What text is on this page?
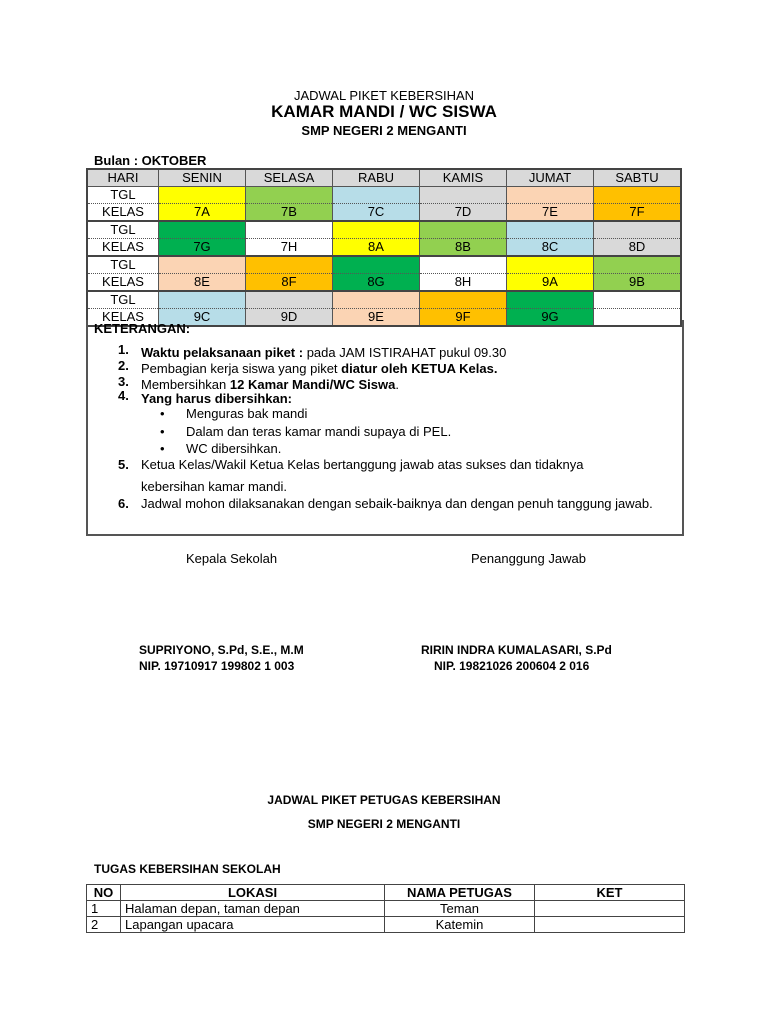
JADWAL PIKET KEBERSIHAN
KAMAR MANDI / WC SISWA
SMP NEGERI 2 MENGANTI
Bulan : OKTOBER
HARI	SENIN	SELASA	RABU	KAMIS	JUMAT	SABTU
TGL						
KELAS	7A	7B	7C	7D	7E	7F
TGL						
KELAS	7G	7H	8A	8B	8C	8D
TGL						
KELAS	8E	8F	8G	8H	9A	9B
TGL						
KELAS	9C	9D	9E	9F	9G	
KETERANGAN:
1. Waktu pelaksanaan piket : pada JAM ISTIRAHAT pukul 09.30
2. Pembagian kerja siswa yang piket diatur oleh KETUA Kelas.
3. Membersihkan 12 Kamar Mandi/WC Siswa.
4. Yang harus dibersihkan:
• Menguras bak mandi
• Dalam dan teras kamar mandi supaya di PEL.
• WC dibersihkan.
5. Ketua Kelas/Wakil Ketua Kelas bertanggung jawab atas sukses dan tidaknya kebersihan kamar mandi.
6. Jadwal mohon dilaksanakan dengan sebaik-baiknya dan dengan penuh tanggung jawab.
Kepala Sekolah	Penanggung Jawab
SUPRIYONO, S.Pd, S.E., M.M
NIP. 19710917 199802 1 003
RIRIN INDRA KUMALASARI, S.Pd
NIP. 19821026 200604 2 016
JADWAL PIKET PETUGAS KEBERSIHAN
SMP NEGERI 2 MENGANTI
TUGAS KEBERSIHAN SEKOLAH
NO	LOKASI	NAMA PETUGAS	KET
1	Halaman depan, taman depan	Teman	
2	Lapangan upacara	Katemin	
